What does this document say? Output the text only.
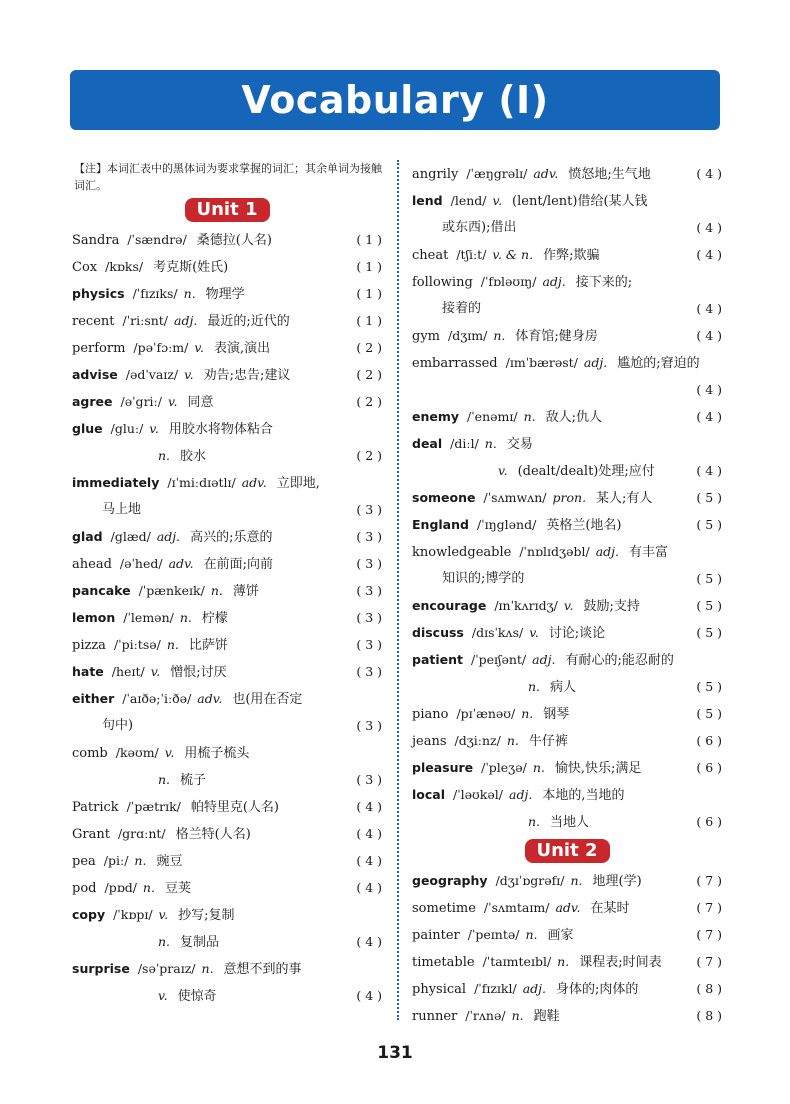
Vocabulary (Ⅰ)
【注】本词汇表中的黑体词为要求掌握的词汇；其余单词为接触
词汇。
Unit 1
Sandra /ˈsændrə/ 桑德拉(人名)	( 1 )
Cox /kɒks/ 考克斯(姓氏)	( 1 )
physics /ˈfɪzɪks/ n. 物理学	( 1 )
recent /ˈriːsnt/ adj. 最近的;近代的	( 1 )
perform /pəˈfɔːm/ v. 表演,演出	( 2 )
advise /ədˈvaɪz/ v. 劝告;忠告;建议	( 2 )
agree /əˈgriː/ v. 同意	( 2 )
glue /gluː/ v. 用胶水将物体粘合
n. 胶水	( 2 )
immediately /ɪˈmiːdɪətlɪ/ adv. 立即地,
马上地	( 3 )
glad /glæd/ adj. 高兴的;乐意的	( 3 )
ahead /əˈhed/ adv. 在前面;向前	( 3 )
pancake /ˈpænkeɪk/ n. 薄饼	( 3 )
lemon /ˈlemən/ n. 柠檬	( 3 )
pizza /ˈpiːtsə/ n. 比萨饼	( 3 )
hate /heɪt/ v. 憎恨;讨厌	( 3 )
either /ˈaɪðə;ˈiːðə/ adv. 也(用在否定
句中)	( 3 )
comb /kəʊm/ v. 用梳子梳头
n. 梳子	( 3 )
Patrick /ˈpætrɪk/ 帕特里克(人名)	( 4 )
Grant /grɑːnt/ 格兰特(人名)	( 4 )
pea /piː/ n. 豌豆	( 4 )
pod /pɒd/ n. 豆荚	( 4 )
copy /ˈkɒpɪ/ v. 抄写;复制
n. 复制品	( 4 )
surprise /səˈpraɪz/ n. 意想不到的事
v. 使惊奇	( 4 )
angrily /ˈæŋgrəlɪ/ adv. 愤怒地;生气地	( 4 )
lend /lend/ v. (lent/lent)借给(某人钱
或东西);借出	( 4 )
cheat /tʃiːt/ v. & n. 作弊;欺骗	( 4 )
following /ˈfɒləʊɪŋ/ adj. 接下来的;
接着的	( 4 )
gym /dʒɪm/ n. 体育馆;健身房	( 4 )
embarrassed /ɪmˈbærəst/ adj. 尴尬的;窘迫的
( 4 )
enemy /ˈenəmɪ/ n. 敌人;仇人	( 4 )
deal /diːl/ n. 交易
v. (dealt/dealt)处理;应付	( 4 )
someone /ˈsʌmwʌn/ pron. 某人;有人	( 5 )
England /ˈɪŋglənd/ 英格兰(地名)	( 5 )
knowledgeable /ˈnɒlɪdʒəbl/ adj. 有丰富
知识的;博学的	( 5 )
encourage /ɪnˈkʌrɪdʒ/ v. 鼓励;支持	( 5 )
discuss /dɪsˈkʌs/ v. 讨论;谈论	( 5 )
patient /ˈpeɪʃənt/ adj. 有耐心的;能忍耐的
n. 病人	( 5 )
piano /pɪˈænəʊ/ n. 钢琴	( 5 )
jeans /dʒiːnz/ n. 牛仔裤	( 6 )
pleasure /ˈpleʒə/ n. 愉快,快乐;满足	( 6 )
local /ˈləʊkəl/ adj. 本地的,当地的
n. 当地人	( 6 )
Unit 2
geography /dʒɪˈɒgrəfɪ/ n. 地理(学)	( 7 )
sometime /ˈsʌmtaɪm/ adv. 在某时	( 7 )
painter /ˈpeɪntə/ n. 画家	( 7 )
timetable /ˈtaɪmteɪbl/ n. 课程表;时间表	( 7 )
physical /ˈfɪzɪkl/ adj. 身体的;肉体的	( 8 )
runner /ˈrʌnə/ n. 跑鞋	( 8 )
131
